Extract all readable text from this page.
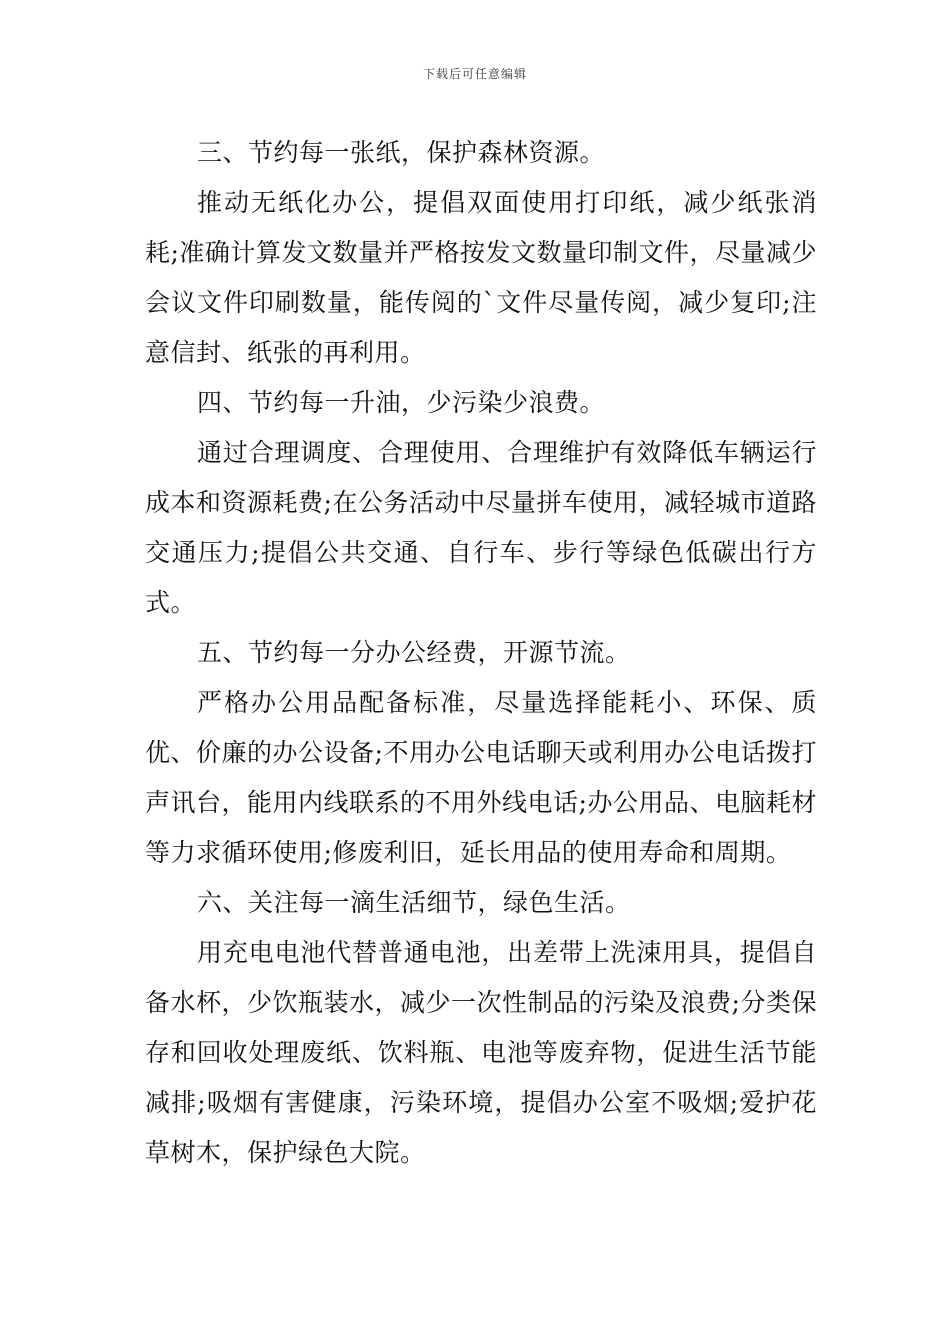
下载后可任意编辑

三、节约每一张纸，保护森林资源。

推动无纸化办公，提倡双面使用打印纸，减少纸张消耗;准确计算发文数量并严格按发文数量印制文件，尽量减少会议文件印刷数量，能传阅的`文件尽量传阅，减少复印;注意信封、纸张的再利用。

四、节约每一升油，少污染少浪费。

通过合理调度、合理使用、合理维护有效降低车辆运行成本和资源耗费;在公务活动中尽量拼车使用，减轻城市道路交通压力;提倡公共交通、自行车、步行等绿色低碳出行方式。

五、节约每一分办公经费，开源节流。

严格办公用品配备标准，尽量选择能耗小、环保、质优、价廉的办公设备;不用办公电话聊天或利用办公电话拨打声讯台，能用内线联系的不用外线电话;办公用品、电脑耗材等力求循环使用;修废利旧，延长用品的使用寿命和周期。

六、关注每一滴生活细节，绿色生活。

用充电电池代替普通电池，出差带上洗涑用具，提倡自备水杯，少饮瓶装水，减少一次性制品的污染及浪费;分类保存和回收处理废纸、饮料瓶、电池等废弃物，促进生活节能减排;吸烟有害健康，污染环境，提倡办公室不吸烟;爱护花草树木，保护绿色大院。
